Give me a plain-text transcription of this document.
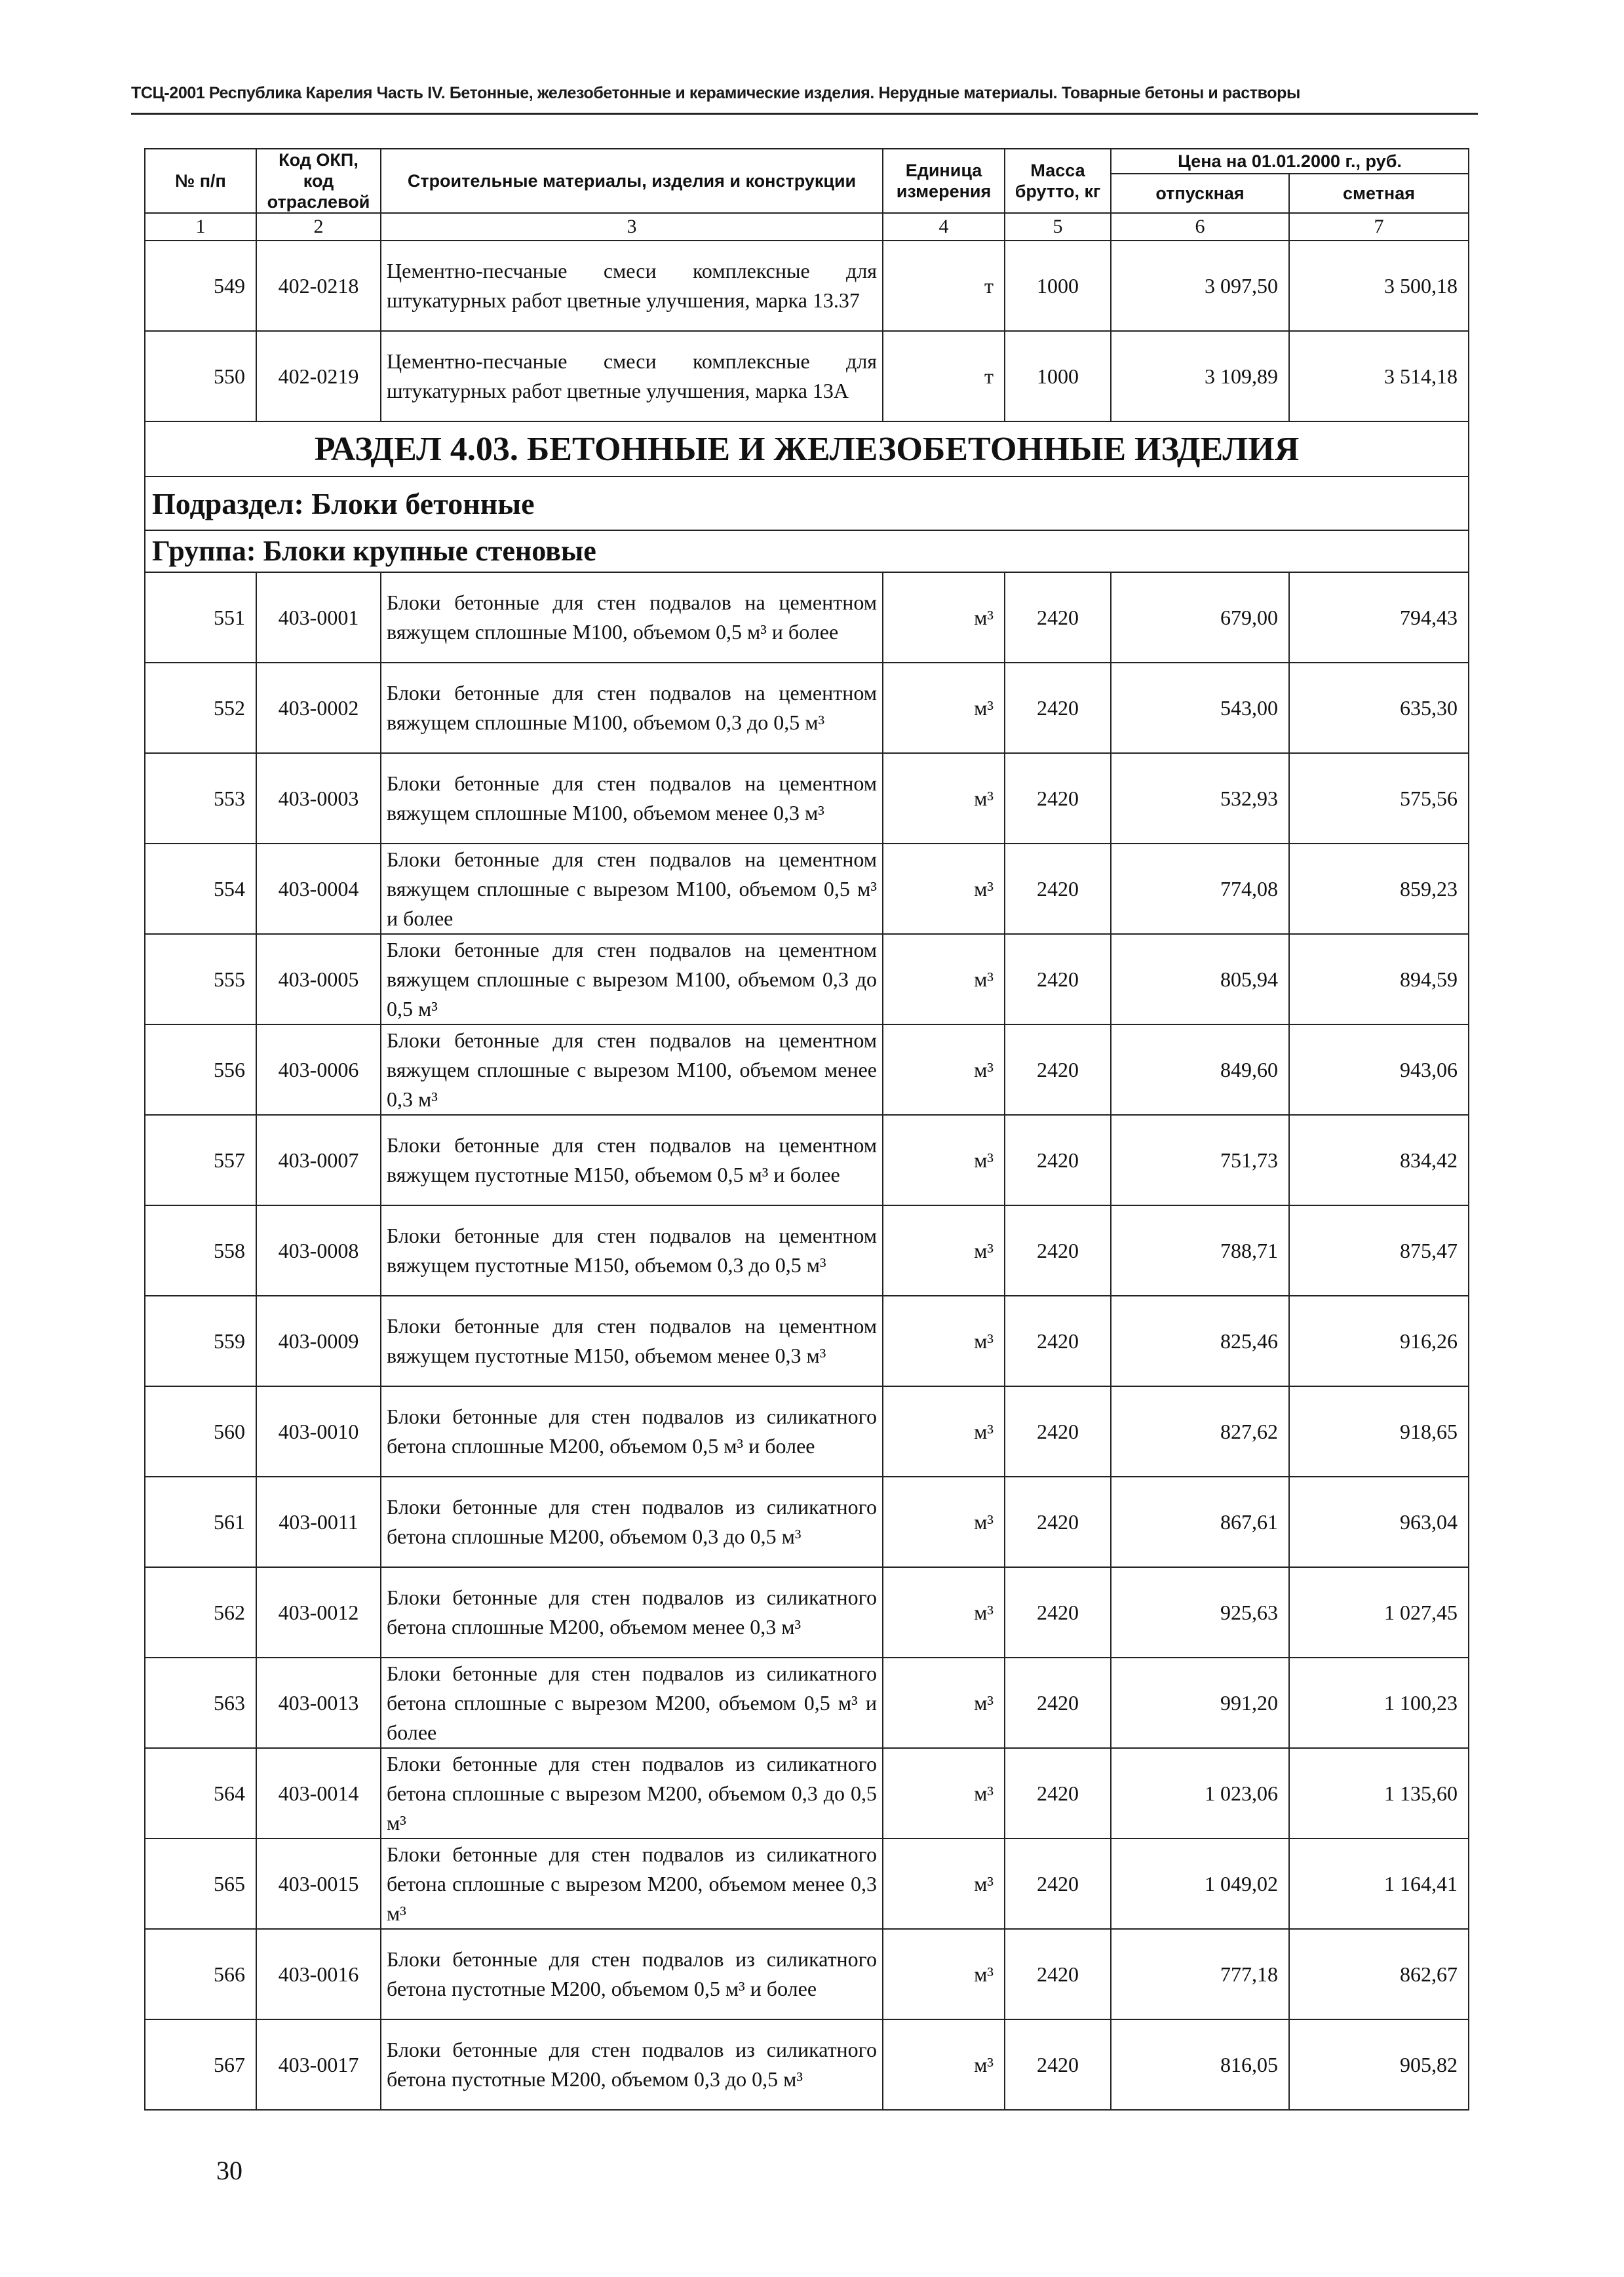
ТСЦ-2001 Республика Карелия Часть IV. Бетонные, железобетонные и керамические изделия. Нерудные материалы. Товарные бетоны и растворы
№ п/п	Код ОКП, код отраслевой	Строительные материалы, изделия и конструкции	Единица измерения	Масса брутто, кг	Цена на 01.01.2000 г., руб.	
					отпускная	сметная
1	2	3	4	5	6	7
549	402-0218	Цементно-песчаные смеси комплексные для штукатурных работ цветные улучшения, марка 13.37	т	1000	3 097,50	3 500,18
550	402-0219	Цементно-песчаные смеси комплексные для штукатурных работ цветные улучшения, марка 13А	т	1000	3 109,89	3 514,18
РАЗДЕЛ 4.03. БЕТОННЫЕ И ЖЕЛЕЗОБЕТОННЫЕ ИЗДЕЛИЯ						
Подраздел: Блоки бетонные						
Группа: Блоки крупные стеновые						
551	403-0001	Блоки бетонные для стен подвалов на цементном вяжущем сплошные М100, объемом 0,5 м³ и более	м³	2420	679,00	794,43
552	403-0002	Блоки бетонные для стен подвалов на цементном вяжущем сплошные М100, объемом 0,3 до 0,5 м³	м³	2420	543,00	635,30
553	403-0003	Блоки бетонные для стен подвалов на цементном вяжущем сплошные М100, объемом менее 0,3 м³	м³	2420	532,93	575,56
554	403-0004	Блоки бетонные для стен подвалов на цементном вяжущем сплошные с вырезом М100, объемом 0,5 м³ и более	м³	2420	774,08	859,23
555	403-0005	Блоки бетонные для стен подвалов на цементном вяжущем сплошные с вырезом М100, объемом 0,3 до 0,5 м³	м³	2420	805,94	894,59
556	403-0006	Блоки бетонные для стен подвалов на цементном вяжущем сплошные с вырезом М100, объемом менее 0,3 м³	м³	2420	849,60	943,06
557	403-0007	Блоки бетонные для стен подвалов на цементном вяжущем пустотные М150, объемом 0,5 м³ и более	м³	2420	751,73	834,42
558	403-0008	Блоки бетонные для стен подвалов на цементном вяжущем пустотные М150, объемом 0,3 до 0,5 м³	м³	2420	788,71	875,47
559	403-0009	Блоки бетонные для стен подвалов на цементном вяжущем пустотные М150, объемом менее 0,3 м³	м³	2420	825,46	916,26
560	403-0010	Блоки бетонные для стен подвалов из силикатного бетона сплошные М200, объемом 0,5 м³ и более	м³	2420	827,62	918,65
561	403-0011	Блоки бетонные для стен подвалов из силикатного бетона сплошные М200, объемом 0,3 до 0,5 м³	м³	2420	867,61	963,04
562	403-0012	Блоки бетонные для стен подвалов из силикатного бетона сплошные М200, объемом менее 0,3 м³	м³	2420	925,63	1 027,45
563	403-0013	Блоки бетонные для стен подвалов из силикатного бетона сплошные с вырезом М200, объемом 0,5 м³ и более	м³	2420	991,20	1 100,23
564	403-0014	Блоки бетонные для стен подвалов из силикатного бетона сплошные с вырезом М200, объемом 0,3 до 0,5 м³	м³	2420	1 023,06	1 135,60
565	403-0015	Блоки бетонные для стен подвалов из силикатного бетона сплошные с вырезом М200, объемом менее 0,3 м³	м³	2420	1 049,02	1 164,41
566	403-0016	Блоки бетонные для стен подвалов из силикатного бетона пустотные М200, объемом 0,5 м³ и более	м³	2420	777,18	862,67
567	403-0017	Блоки бетонные для стен подвалов из силикатного бетона пустотные М200, объемом 0,3 до 0,5 м³	м³	2420	816,05	905,82
30
